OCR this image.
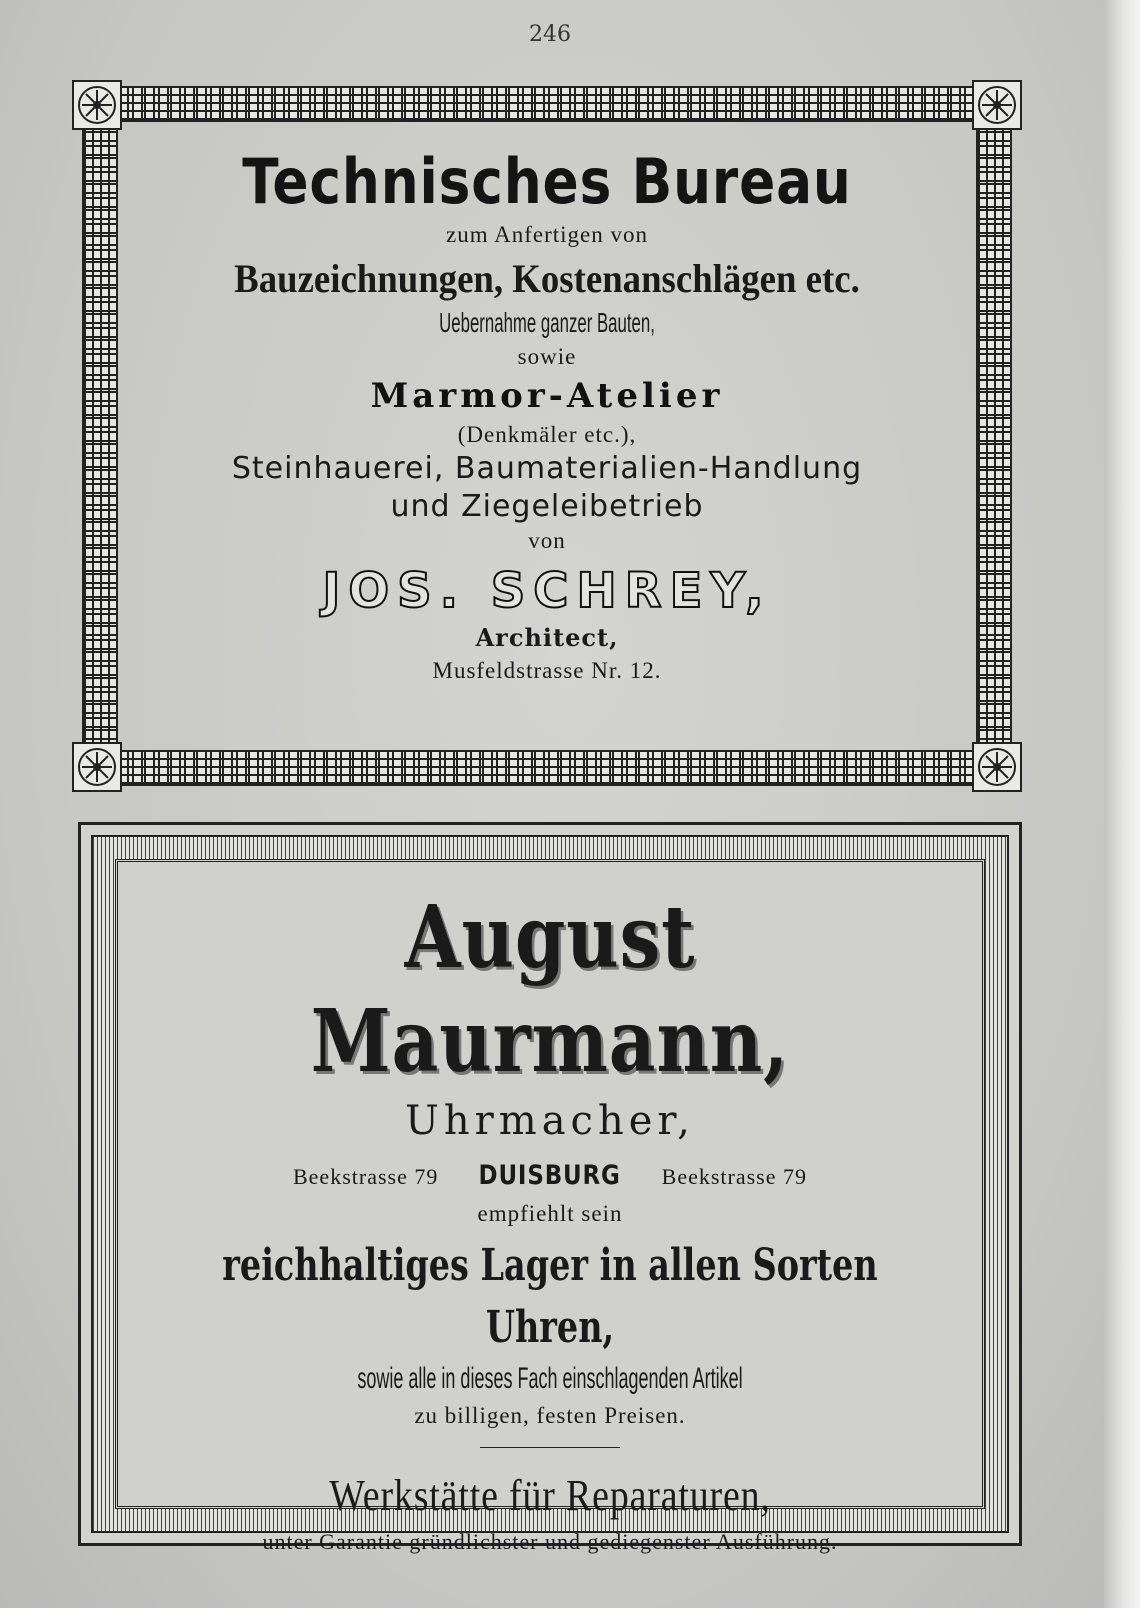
246
Technisches Bureau
zum Anfertigen von
Bauzeichnungen, Kostenanschlägen etc.
Uebernahme ganzer Bauten,
sowie
Marmor-Atelier
(Denkmäler etc.),
Steinhauerei, Baumaterialien-Handlung
und Ziegeleibetrieb
von
JOS. SCHREY,
Architect,
Musfeldstrasse Nr. 12.
August Maurmann,
Uhrmacher,
Beekstrasse 79 DUISBURG Beekstrasse 79
empfiehlt sein
reichhaltiges Lager in allen Sorten Uhren,
sowie alle in dieses Fach einschlagenden Artikel
zu billigen, festen Preisen.
Werkstätte für Reparaturen,
unter Garantie gründlichster und gediegenster Ausführung.
